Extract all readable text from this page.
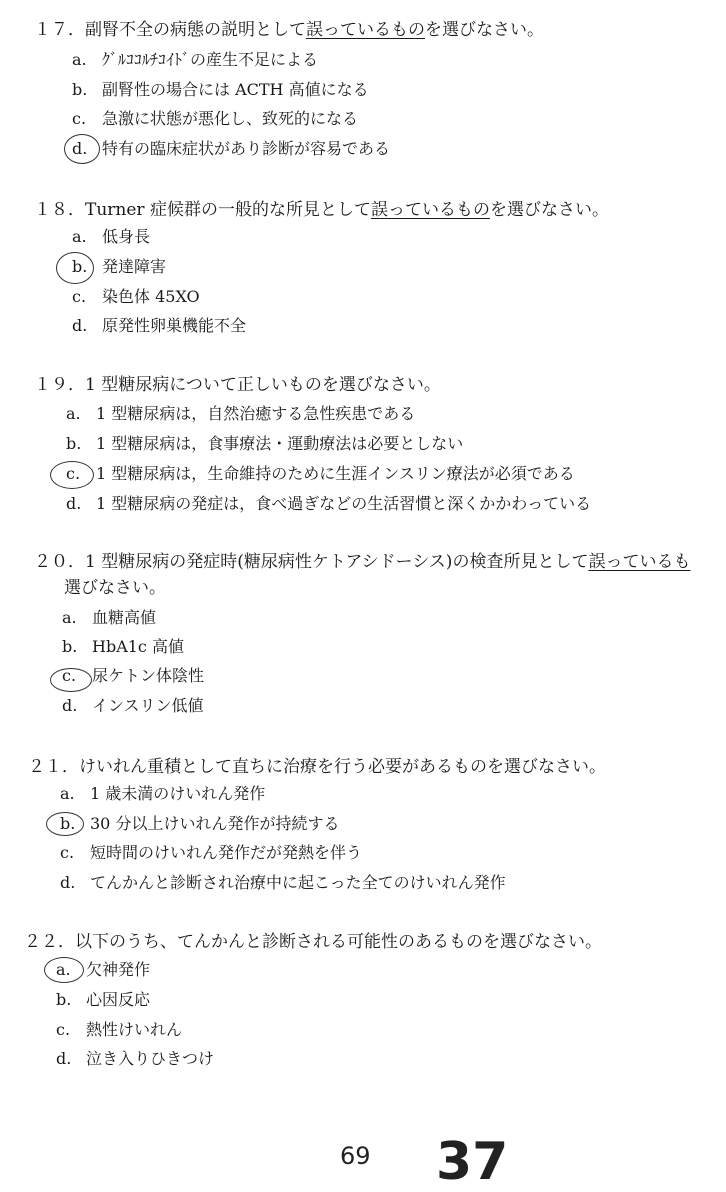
１７．副腎不全の病態の説明として誤っているものを選びなさい。
a. ｸﾞﾙｺｺﾙﾁｺｲﾄﾞの産生不足による
b. 副腎性の場合には ACTH 高値になる
c. 急激に状態が悪化し、致死的になる
d. 特有の臨床症状があり診断が容易である
１８．Turner 症候群の一般的な所見として誤っているものを選びなさい。
a. 低身長
b. 発達障害
c. 染色体 45XO
d. 原発性卵巣機能不全
１９．1 型糖尿病について正しいものを選びなさい。
a. 1 型糖尿病は，自然治癒する急性疾患である
b. 1 型糖尿病は，食事療法・運動療法は必要としない
c. 1 型糖尿病は，生命維持のために生涯インスリン療法が必須である
d. 1 型糖尿病の発症は，食べ過ぎなどの生活習慣と深くかかわっている
２０．1 型糖尿病の発症時(糖尿病性ケトアシドーシス)の検査所見として誤っているも
選びなさい。
a. 血糖高値
b. HbA1c 高値
c. 尿ケトン体陰性
d. インスリン低値
２１．けいれん重積として直ちに治療を行う必要があるものを選びなさい。
a. 1 歳未満のけいれん発作
b. 30 分以上けいれん発作が持続する
c. 短時間のけいれん発作だが発熱を伴う
d. てんかんと診断され治療中に起こった全てのけいれん発作
２２．以下のうち、てんかんと診断される可能性のあるものを選びなさい。
a. 欠神発作
b. 心因反応
c. 熱性けいれん
d. 泣き入りひきつけ
69 37
